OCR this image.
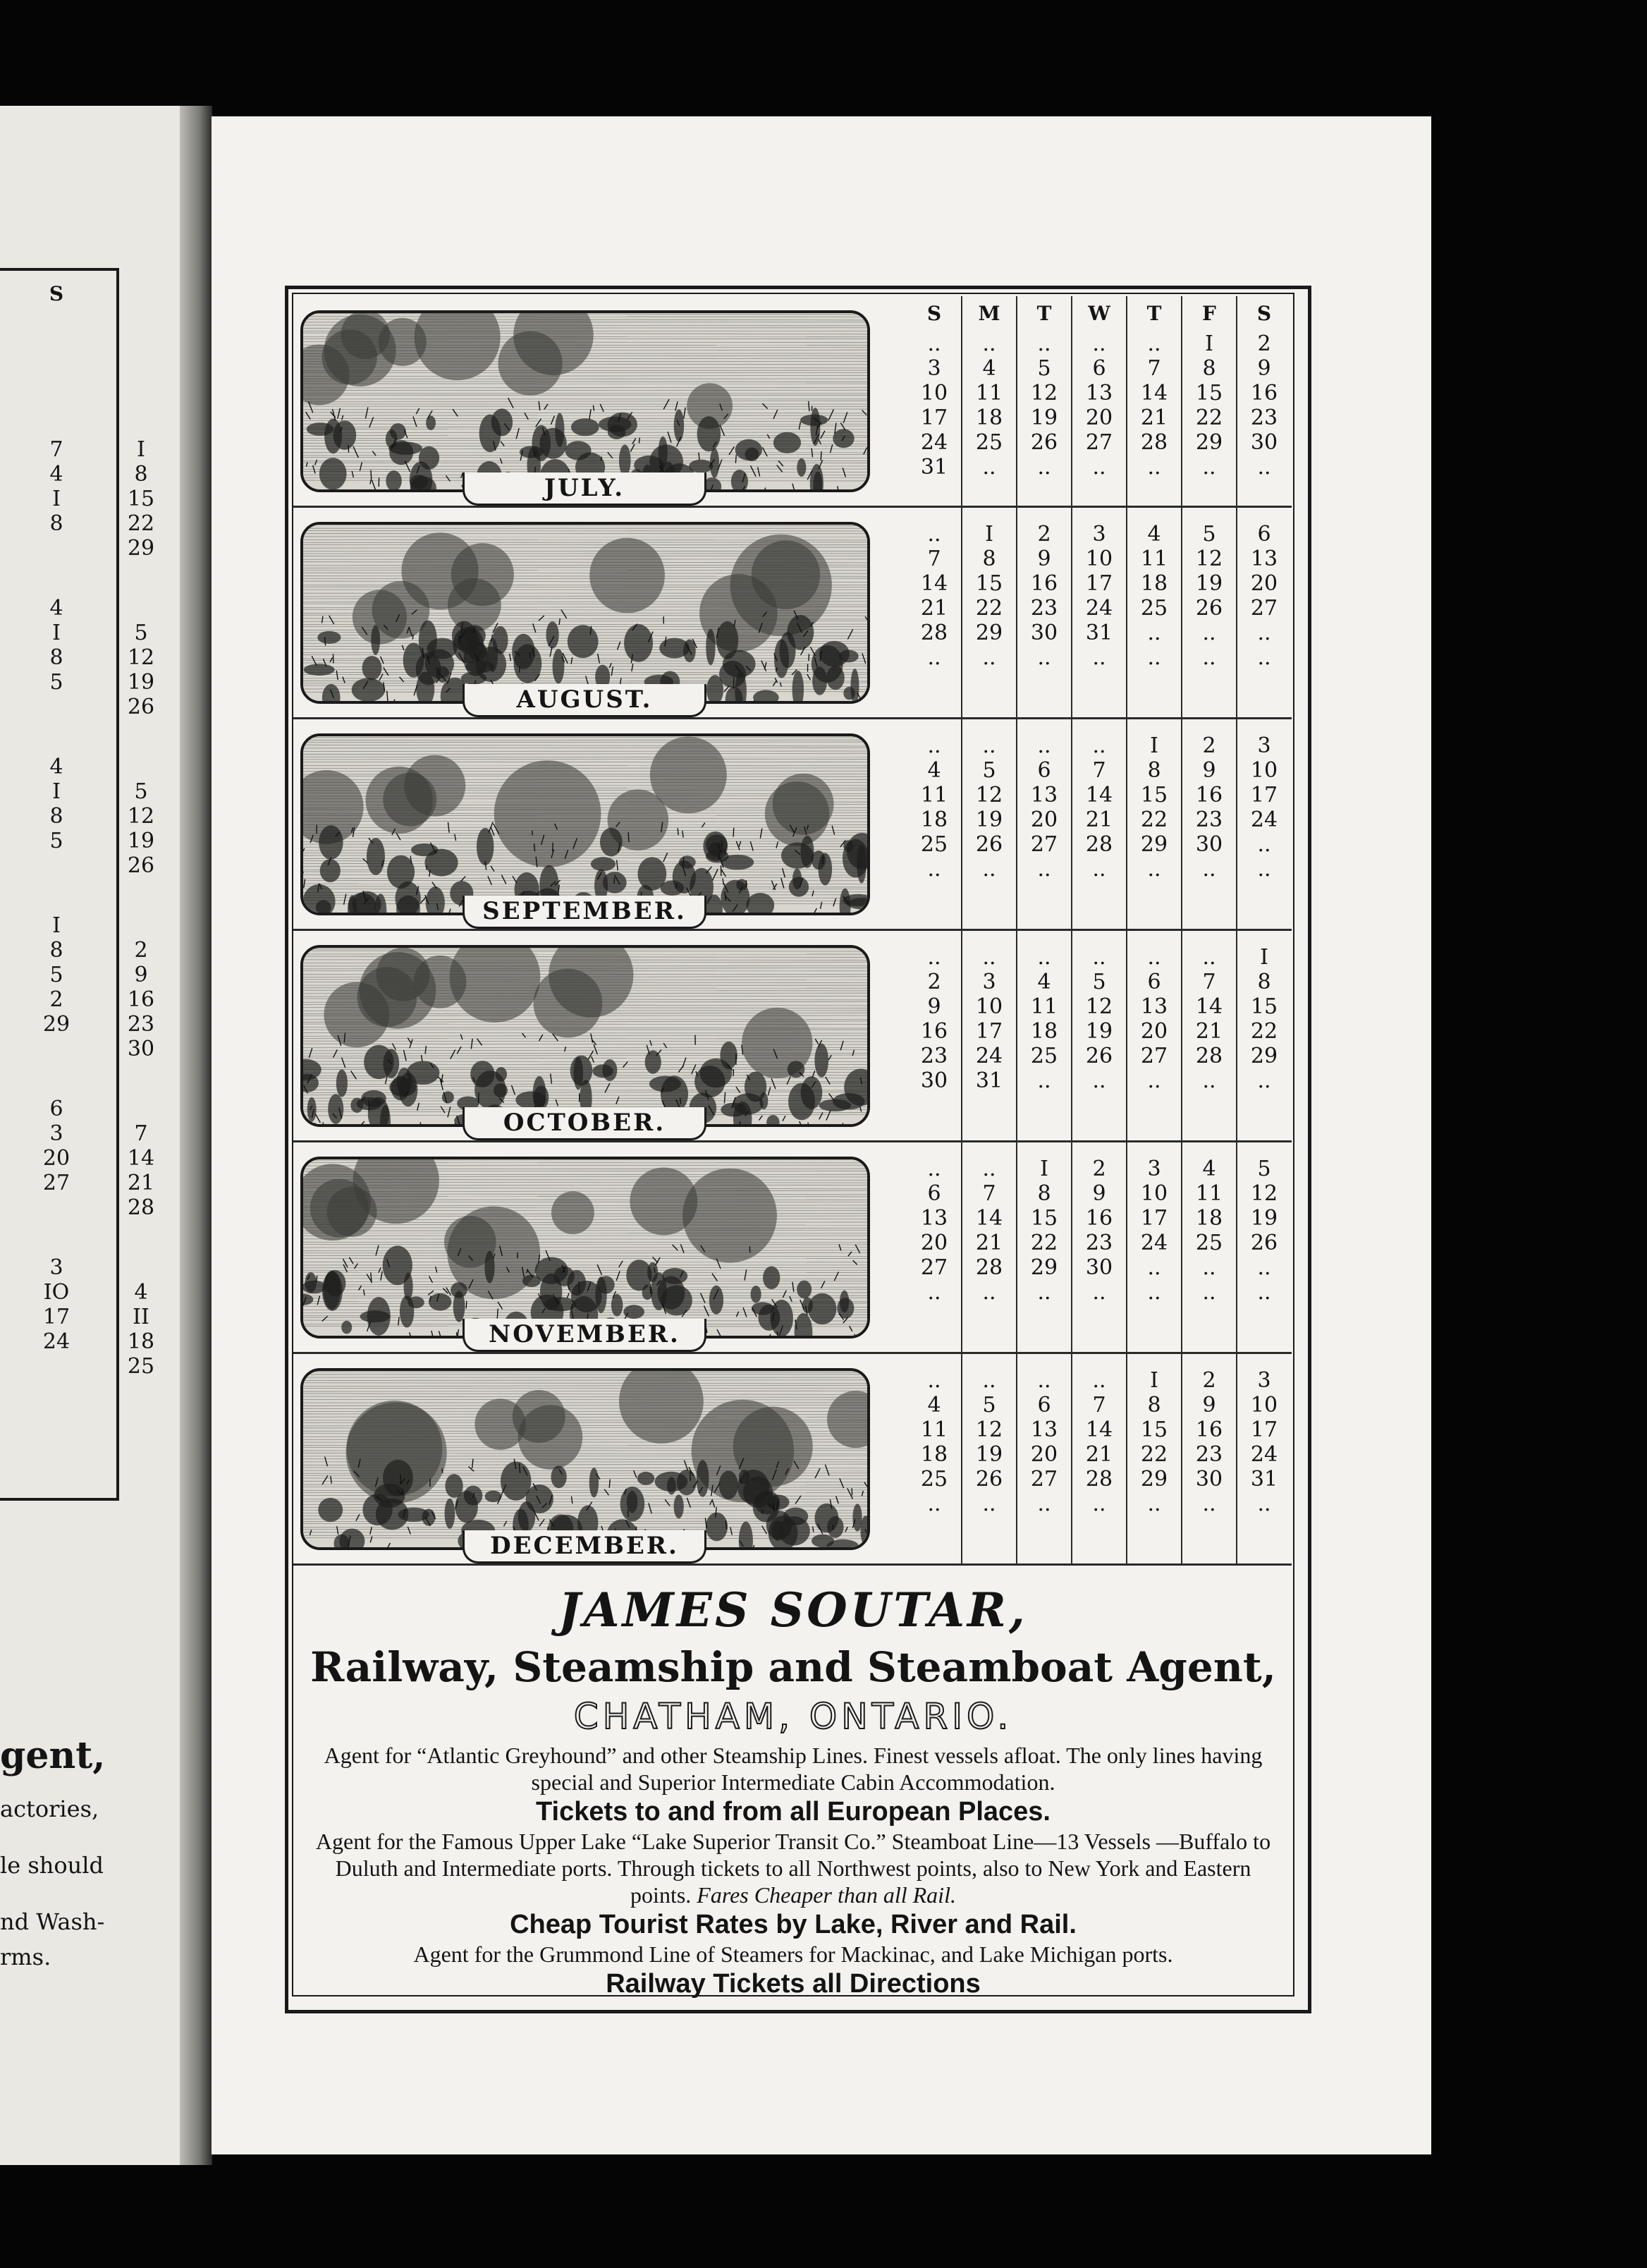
S
7
4
I
8
4
I
8
5
4
I
8
5
I
8
5
2
29
6
3
20
27
3
IO
17
24
I
8
15
22
29
5
12
19
26
5
12
19
26
2
9
16
23
30
7
14
21
28
4
II
18
25
gent,
actories,
le should
nd Wash-
rms.
JULY.
S
..
3
10
17
24
31
M
..
4
11
18
25
..
T
..
5
12
19
26
..
W
..
6
13
20
27
..
T
..
7
14
21
28
..
F
I
8
15
22
29
..
S
2
9
16
23
30
..
AUGUST.
..
7
14
21
28
..
I
8
15
22
29
..
2
9
16
23
30
..
3
10
17
24
31
..
4
11
18
25
..
..
5
12
19
26
..
..
6
13
20
27
..
..
SEPTEMBER.
..
4
11
18
25
..
..
5
12
19
26
..
..
6
13
20
27
..
..
7
14
21
28
..
I
8
15
22
29
..
2
9
16
23
30
..
3
10
17
24
..
..
OCTOBER.
..
2
9
16
23
30
..
3
10
17
24
31
..
4
11
18
25
..
..
5
12
19
26
..
..
6
13
20
27
..
..
7
14
21
28
..
I
8
15
22
29
..
NOVEMBER.
..
6
13
20
27
..
..
7
14
21
28
..
I
8
15
22
29
..
2
9
16
23
30
..
3
10
17
24
..
..
4
11
18
25
..
..
5
12
19
26
..
..
DECEMBER.
..
4
11
18
25
..
..
5
12
19
26
..
..
6
13
20
27
..
..
7
14
21
28
..
I
8
15
22
29
..
2
9
16
23
30
..
3
10
17
24
31
..
JAMES SOUTAR,
Railway, Steamship and Steamboat Agent,
CHATHAM, ONTARIO.
Agent for “Atlantic Greyhound” and other Steamship Lines. Finest vessels afloat. The only lines having special and Superior Intermediate Cabin Accommodation.
Tickets to and from all European Places.
Agent for the Famous Upper Lake “Lake Superior Transit Co.” Steamboat Line—13 Vessels —Buffalo to Duluth and Intermediate ports. Through tickets to all Northwest points, also to New York and Eastern points. Fares Cheaper than all Rail.
Cheap Tourist Rates by Lake, River and Rail.
Agent for the Grummond Line of Steamers for Mackinac, and Lake Michigan ports.
Railway Tickets all Directions
